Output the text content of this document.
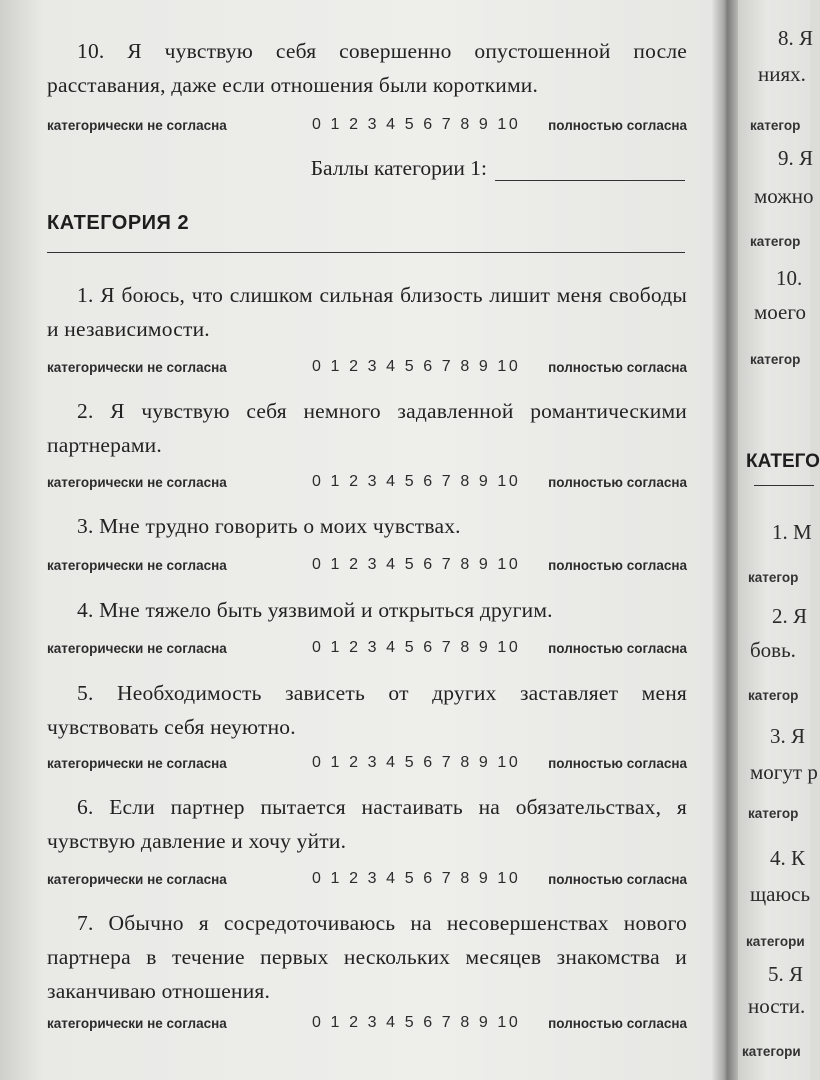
10. Я чувствую себя совершенно опустошенной после расставания, даже если отношения были короткими.
категорически не согласна	0 1 2 3 4 5 6 7 8 9 10 полностью согласна
Баллы категории 1:
КАТЕГОРИЯ 2
1. Я боюсь, что слишком сильная близость лишит меня свободы и независимости.
категорически не согласна	0 1 2 3 4 5 6 7 8 9 10 полностью согласна
2. Я чувствую себя немного задавленной романтическими партнерами.
категорически не согласна	0 1 2 3 4 5 6 7 8 9 10 полностью согласна
3. Мне трудно говорить о моих чувствах.
категорически не согласна	0 1 2 3 4 5 6 7 8 9 10 полностью согласна
4. Мне тяжело быть уязвимой и открыться другим.
категорически не согласна	0 1 2 3 4 5 6 7 8 9 10 полностью согласна
5. Необходимость зависеть от других заставляет меня чувствовать себя неуютно.
категорически не согласна	0 1 2 3 4 5 6 7 8 9 10 полностью согласна
6. Если партнер пытается настаивать на обязательствах, я чувствую давление и хочу уйти.
категорически не согласна	0 1 2 3 4 5 6 7 8 9 10 полностью согласна
7. Обычно я сосредоточиваюсь на несовершенствах нового партнера в течение первых нескольких месяцев знакомства и заканчиваю отношения.
категорически не согласна	0 1 2 3 4 5 6 7 8 9 10 полностью согласна
8. Я
ниях.
категор
9. Я
можно
категор
10.
моего
категор
КАТЕГО
1. М
категор
2. Я
бовь.
категор
3. Я
могут р
категор
4. К
щаюсь
категори
5. Я
ности.
категори
